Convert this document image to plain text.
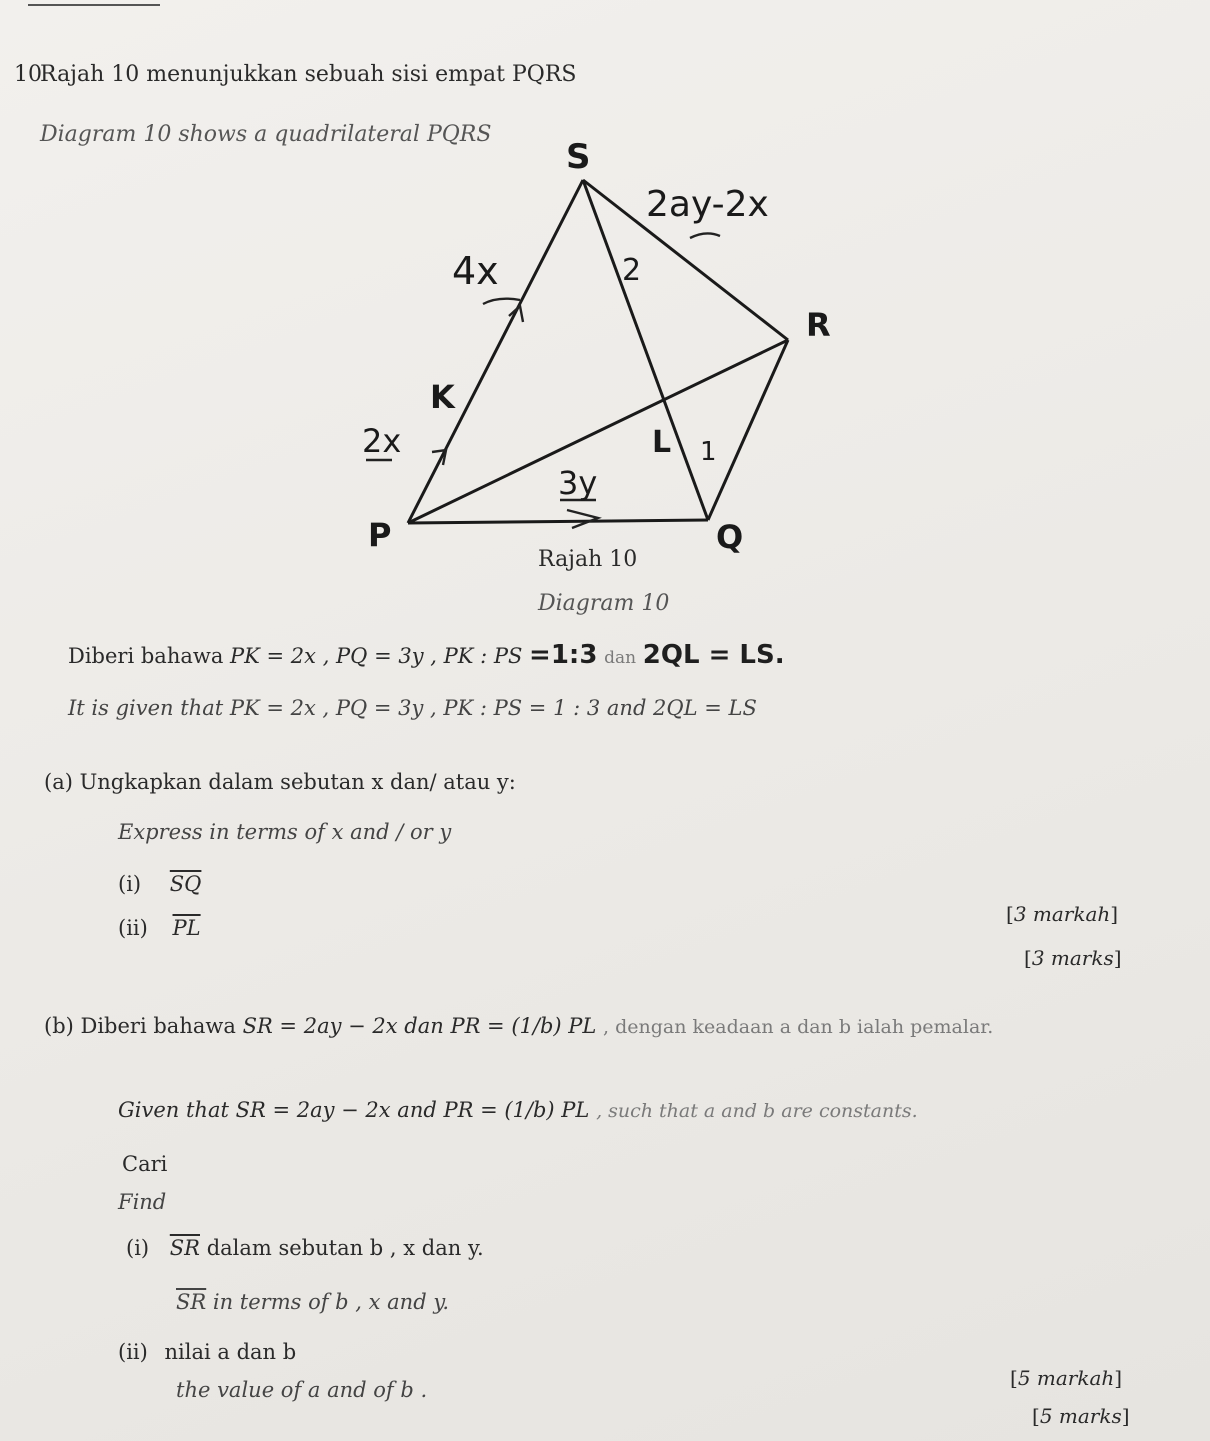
10
Rajah 10 menunjukkan sebuah sisi empat PQRS
Diagram 10 shows a quadrilateral PQRS
S
R
Q
P
K
L
2ay-2x
4x	2
1
2x
3y
Rajah 10
Diagram 10
Diberi bahawa PK = 2x , PQ = 3y , PK : PS =1:3 dan 2QL = LS.
It is given that PK = 2x , PQ = 3y , PK : PS = 1 : 3 and 2QL = LS
(a) Ungkapkan dalam sebutan x dan/ atau y:
Express in terms of x and / or y
(i) $\overline{SQ}$
(ii) $\overline{PL}$
[3 markah]
[3 marks]
(b) Diberi bahawa SR = 2ay − 2x dan PR = (1/b) PL , dengan keadaan a dan b ialah pemalar.
Given that SR = 2ay − 2x and PR = (1/b) PL , such that a and b are constants.
Cari
Find
(i) $\overline{SR}$ dalam sebutan b , x dan y.
$\overline{SR}$ in terms of b , x and y.
(ii) nilai a dan b
the value of a and of b .	[5 markah]
[5 marks]
